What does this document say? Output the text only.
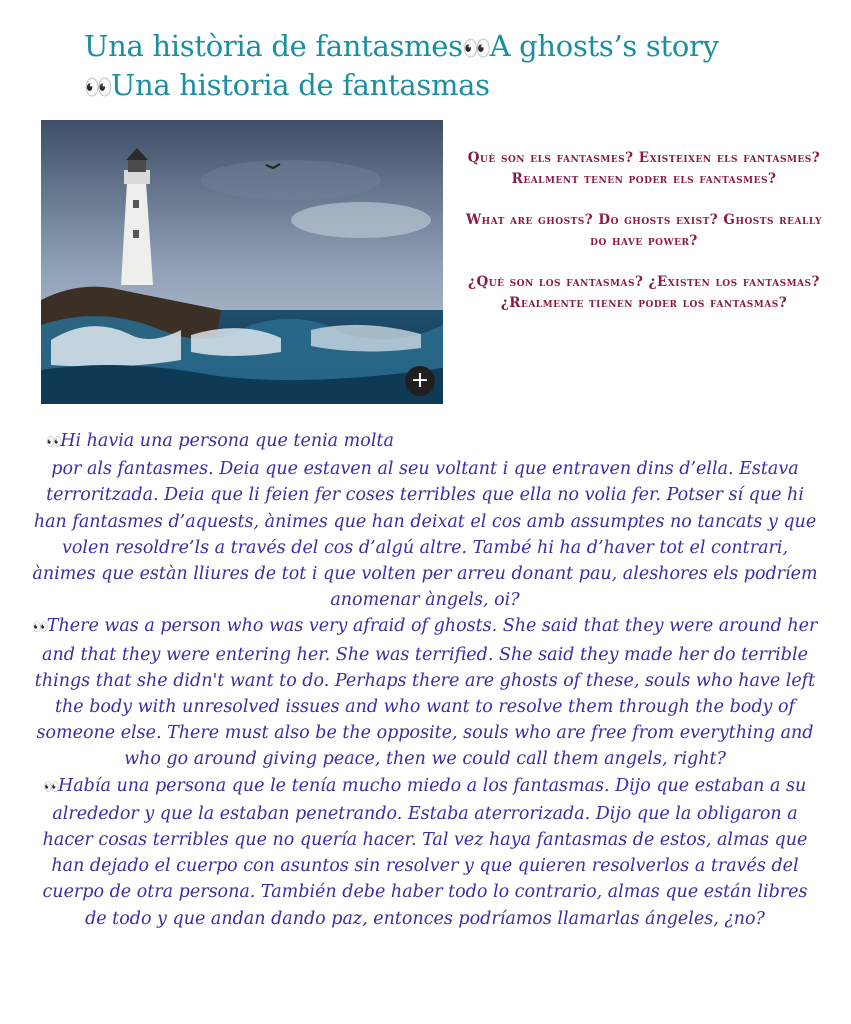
Una història de fantasmes👀A ghosts’s story
👀Una historia de fantasmas
+

Què son els fantasmes? Existeixen els fantasmes? Realment tenen poder els fantasmes?

What are ghosts? Do ghosts exist? Ghosts really do have power?

¿Qué son los fantasmas? ¿Existen los fantasmas? ¿Realmente tienen poder los fantasmas?

👀Hi havia una persona que tenia molta

por als fantasmes. Deia que estaven al seu voltant i que entraven dins d’ella. Estava terroritzada. Deia que li feien fer coses terribles que ella no volia fer. Potser sí que hi han fantasmes d’aquests, ànimes que han deixat el cos amb assumptes no tancats y que volen resoldre’ls a través del cos d’algú altre. També hi ha d’haver tot el contrari, ànimes que estàn lliures de tot i que volten per arreu donant pau, aleshores els podríem anomenar àngels, oi?

👀There was a person who was very afraid of ghosts. She said that they were around her and that they were entering her. She was terrified. She said they made her do terrible things that she didn't want to do. Perhaps there are ghosts of these, souls who have left the body with unresolved issues and who want to resolve them through the body of someone else. There must also be the opposite, souls who are free from everything and who go around giving peace, then we could call them angels, right?

👀Había una persona que le tenía mucho miedo a los fantasmas. Dijo que estaban a su alrededor y que la estaban penetrando. Estaba aterrorizada. Dijo que la obligaron a hacer cosas terribles que no quería hacer. Tal vez haya fantasmas de estos, almas que han dejado el cuerpo con asuntos sin resolver y que quieren resolverlos a través del cuerpo de otra persona. También debe haber todo lo contrario, almas que están libres de todo y que andan dando paz, entonces podríamos llamarlas ángeles, ¿no?
